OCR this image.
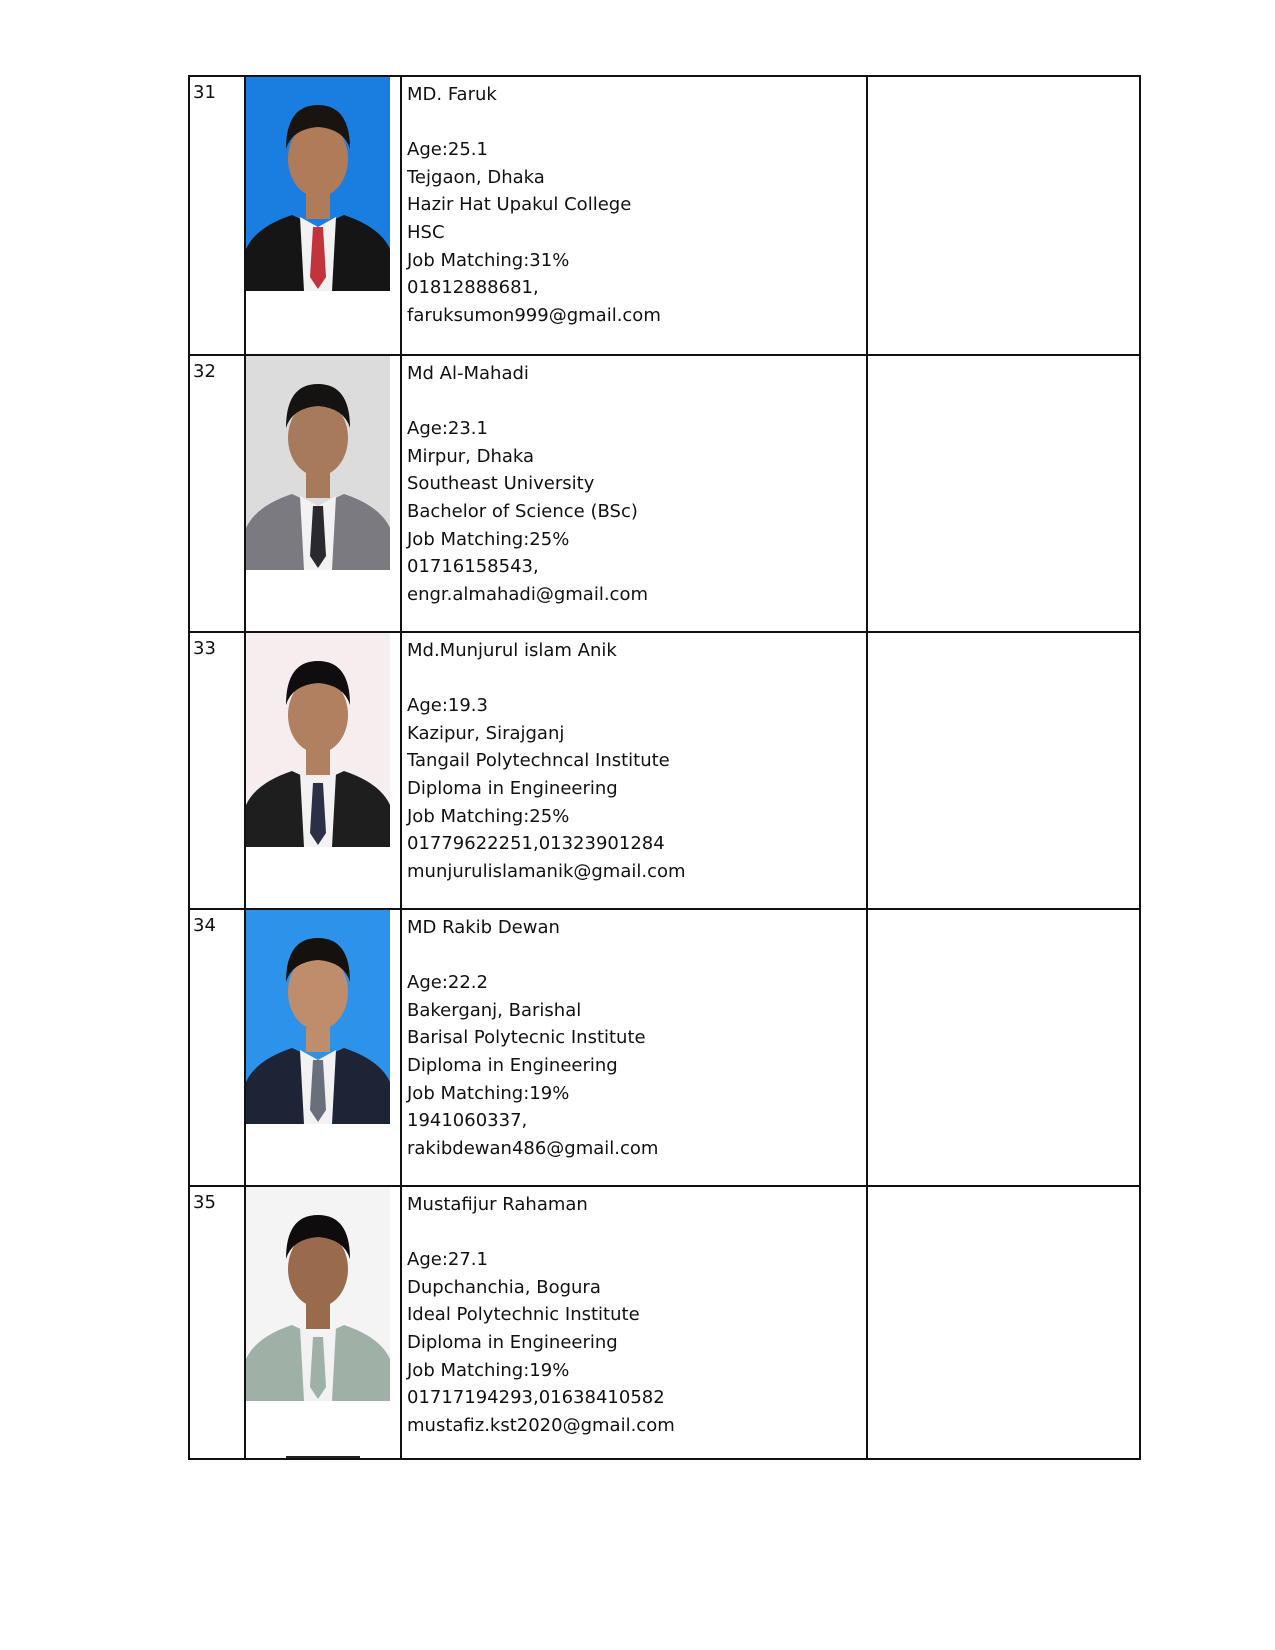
31	MD. Faruk
Age:25.1
Tejgaon, Dhaka
Hazir Hat Upakul College
HSC
Job Matching:31%
01812888681,
faruksumon999@gmail.com
32	Md Al-Mahadi
Age:23.1
Mirpur, Dhaka
Southeast University
Bachelor of Science (BSc)
Job Matching:25%
01716158543,
engr.almahadi@gmail.com
33	Md.Munjurul islam Anik
Age:19.3
Kazipur, Sirajganj
Tangail Polytechncal Institute
Diploma in Engineering
Job Matching:25%
01779622251,01323901284
munjurulislamanik@gmail.com
34	MD Rakib Dewan
Age:22.2
Bakerganj, Barishal
Barisal Polytecnic Institute
Diploma in Engineering
Job Matching:19%
1941060337,
rakibdewan486@gmail.com
35	Mustafijur Rahaman
Age:27.1
Dupchanchia, Bogura
Ideal Polytechnic Institute
Diploma in Engineering
Job Matching:19%
01717194293,01638410582
mustafiz.kst2020@gmail.com
